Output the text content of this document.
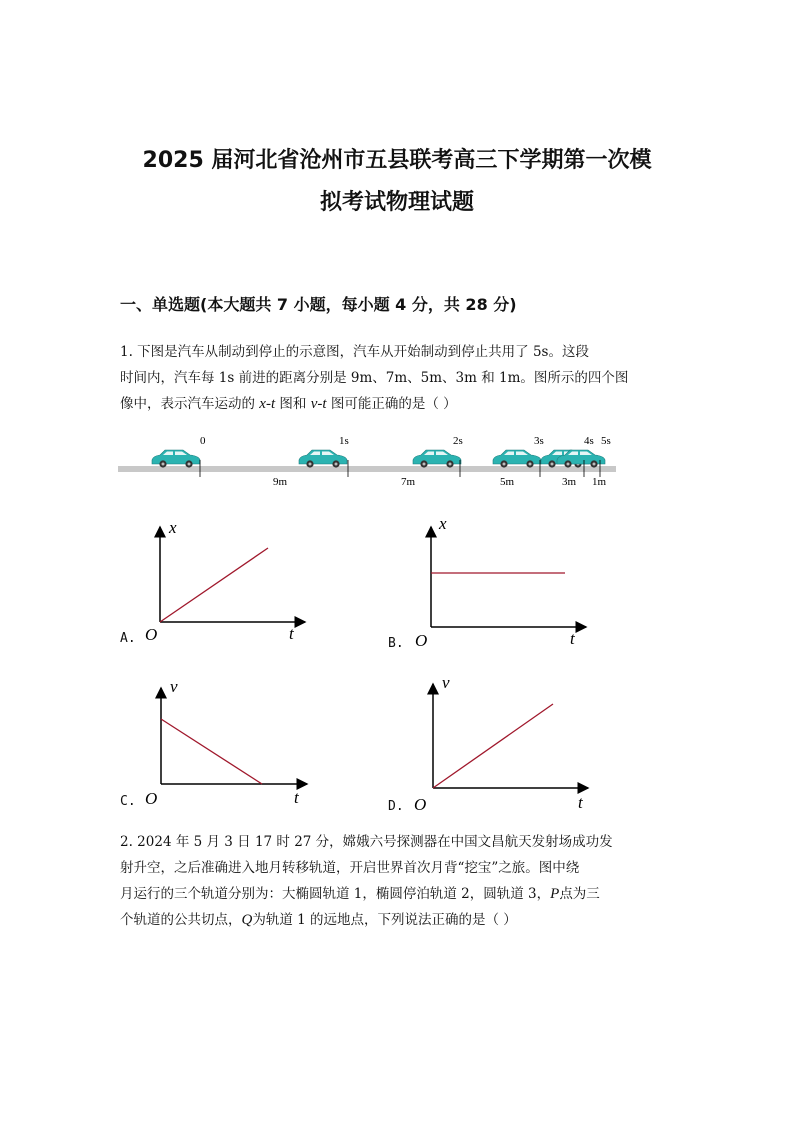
2025 届河北省沧州市五县联考高三下学期第一次模
拟考试物理试题
一、单选题(本大题共 7 小题，每小题 4 分，共 28 分)
1. 下图是汽车从制动到停止的示意图，汽车从开始制动到停止共用了 5s。这段
时间内，汽车每 1s 前进的距离分别是 9m、7m、5m、3m 和 1m。图所示的四个图
像中，表示汽车运动的 x-t 图和 v-t 图可能正确的是（ ）
0	1s	2s	3s	4s 5s
9m	7m	5m	3m 1m
A.
x
t
O	B.
x
t
O
C.
v
t
O	D.
v
t
O
2. 2024 年 5 月 3 日 17 时 27 分，嫦娥六号探测器在中国文昌航天发射场成功发
射升空，之后准确进入地月转移轨道，开启世界首次月背“挖宝”之旅。图中绕
月运行的三个轨道分别为：大椭圆轨道 1，椭圆停泊轨道 2，圆轨道 3，P点为三
个轨道的公共切点，Q为轨道 1 的远地点，下列说法正确的是（ ）
